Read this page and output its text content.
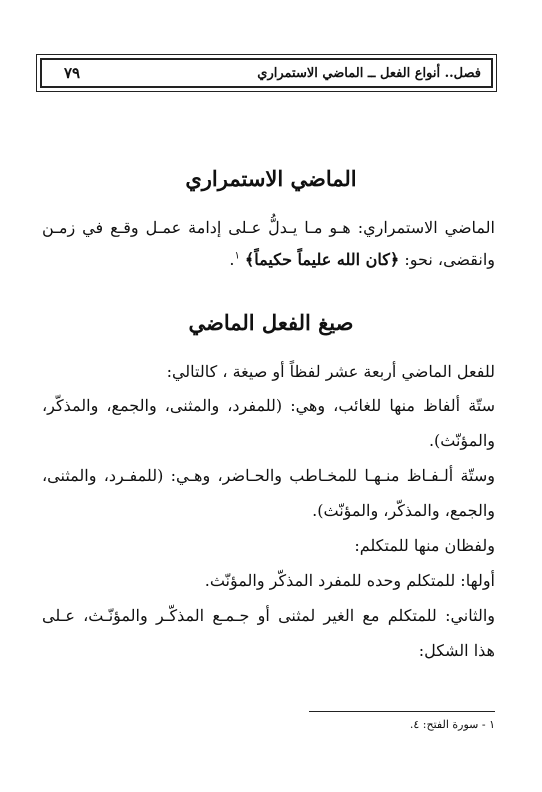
فصل.. أنواع الفعل ــ الماضي الاستمراري
٧٩
الماضي الاستمراري
الماضي الاستمراري: هـو مـا يـدلُّ عـلى إدامة عمـل وقـع في زمـن
وانقضى، نحو: ﴿كان الله عليماً حكيماً﴾ $^١$.
صيغ الفعل الماضي
للفعل الماضي أربعة عشر لفظاً أو صيغة ، كالتالي:
ستّة ألفاظ منها للغائب، وهي: (للمفرد، والمثنى، والجمع، والمذكّر،
والمؤنّث).
وستّة ألـفـاظ منـهـا للمخـاطب والحـاضر، وهـي: (للمفـرد، والمثنى،
والجمع، والمذكّر، والمؤنّث).
ولفظان منها للمتكلم:
أولها: للمتكلم وحده للمفرد المذكّر والمؤنّث.
والثاني: للمتكلم مع الغير لمثنى أو جـمـع المذكّـر والمؤنّـث، عـلى
هذا الشكل:
١ - سورة الفتح: ٤.
